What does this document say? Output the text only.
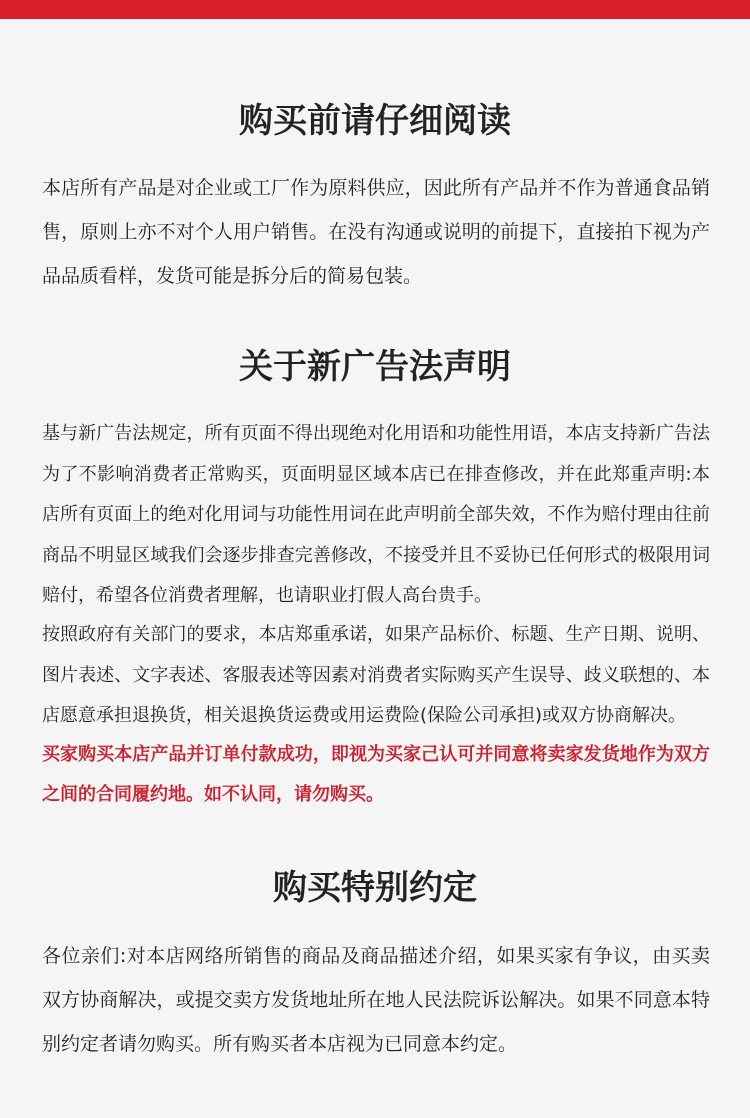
购买前请仔细阅读

本店所有产品是对企业或工厂作为原料供应，因此所有产品并不作为普通食品销售，原则上亦不对个人用户销售。在没有沟通或说明的前提下，直接拍下视为产品品质看样，发货可能是拆分后的简易包装。

关于新广告法声明

基与新广告法规定，所有页面不得出现绝对化用语和功能性用语，本店支持新广告法为了不影响消费者正常购买，页面明显区域本店已在排查修改，并在此郑重声明:本店所有页面上的绝对化用词与功能性用词在此声明前全部失效，不作为赔付理由往前商品不明显区域我们会逐步排查完善修改，不接受并且不妥协已任何形式的极限用词赔付，希望各位消费者理解，也请职业打假人高台贵手。

按照政府有关部门的要求，本店郑重承诺，如果产品标价、标题、生产日期、说明、图片表述、文字表述、客服表述等因素对消费者实际购买产生误导、歧义联想的、本店愿意承担退换货，相关退换货运费或用运费险(保险公司承担)或双方协商解决。

买家购买本店产品并订单付款成功，即视为买家己认可并同意将卖家发货地作为双方之间的合同履约地。如不认同，请勿购买。

购买特别约定

各位亲们:对本店网络所销售的商品及商品描述介绍，如果买家有争议，由买卖双方协商解决，或提交卖方发货地址所在地人民法院诉讼解决。如果不同意本特别约定者请勿购买。所有购买者本店视为已同意本约定。
